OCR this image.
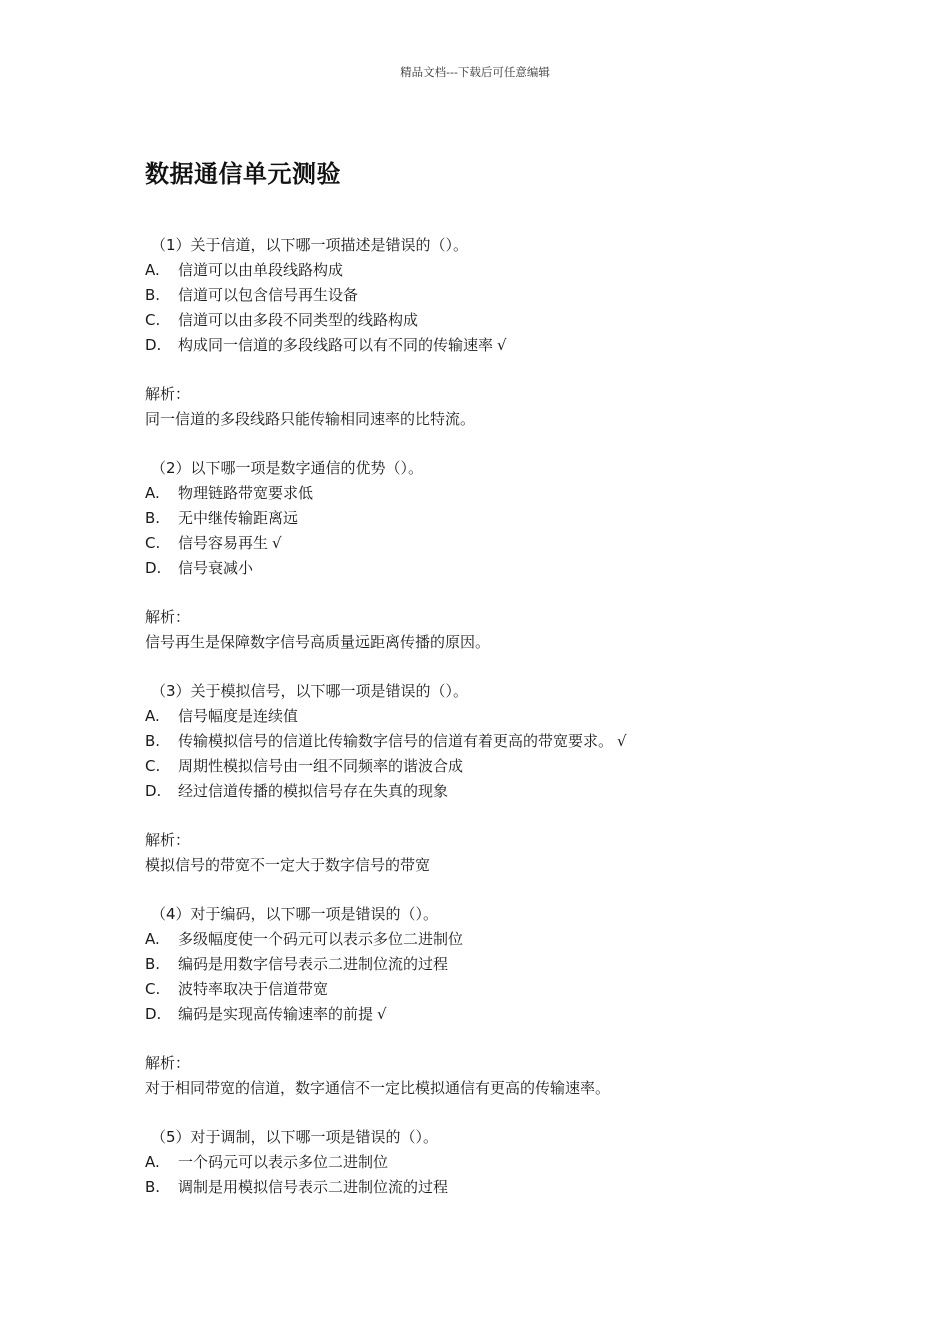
精品文档---下载后可任意编辑
数据通信单元测验
（1）关于信道，以下哪一项描述是错误的（）。
A. 信道可以由单段线路构成
B. 信道可以包含信号再生设备
C. 信道可以由多段不同类型的线路构成
D. 构成同一信道的多段线路可以有不同的传输速率 √
解析：
同一信道的多段线路只能传输相同速率的比特流。
（2）以下哪一项是数字通信的优势（）。
A. 物理链路带宽要求低
B. 无中继传输距离远
C. 信号容易再生 √
D. 信号衰减小
解析：
信号再生是保障数字信号高质量远距离传播的原因。
（3）关于模拟信号，以下哪一项是错误的（）。
A. 信号幅度是连续值
B. 传输模拟信号的信道比传输数字信号的信道有着更高的带宽要求。 √
C. 周期性模拟信号由一组不同频率的谐波合成
D. 经过信道传播的模拟信号存在失真的现象
解析：
模拟信号的带宽不一定大于数字信号的带宽
（4）对于编码，以下哪一项是错误的（）。
A. 多级幅度使一个码元可以表示多位二进制位
B. 编码是用数字信号表示二进制位流的过程
C. 波特率取决于信道带宽
D. 编码是实现高传输速率的前提 √
解析：
对于相同带宽的信道，数字通信不一定比模拟通信有更高的传输速率。
（5）对于调制，以下哪一项是错误的（）。
A. 一个码元可以表示多位二进制位
B. 调制是用模拟信号表示二进制位流的过程
